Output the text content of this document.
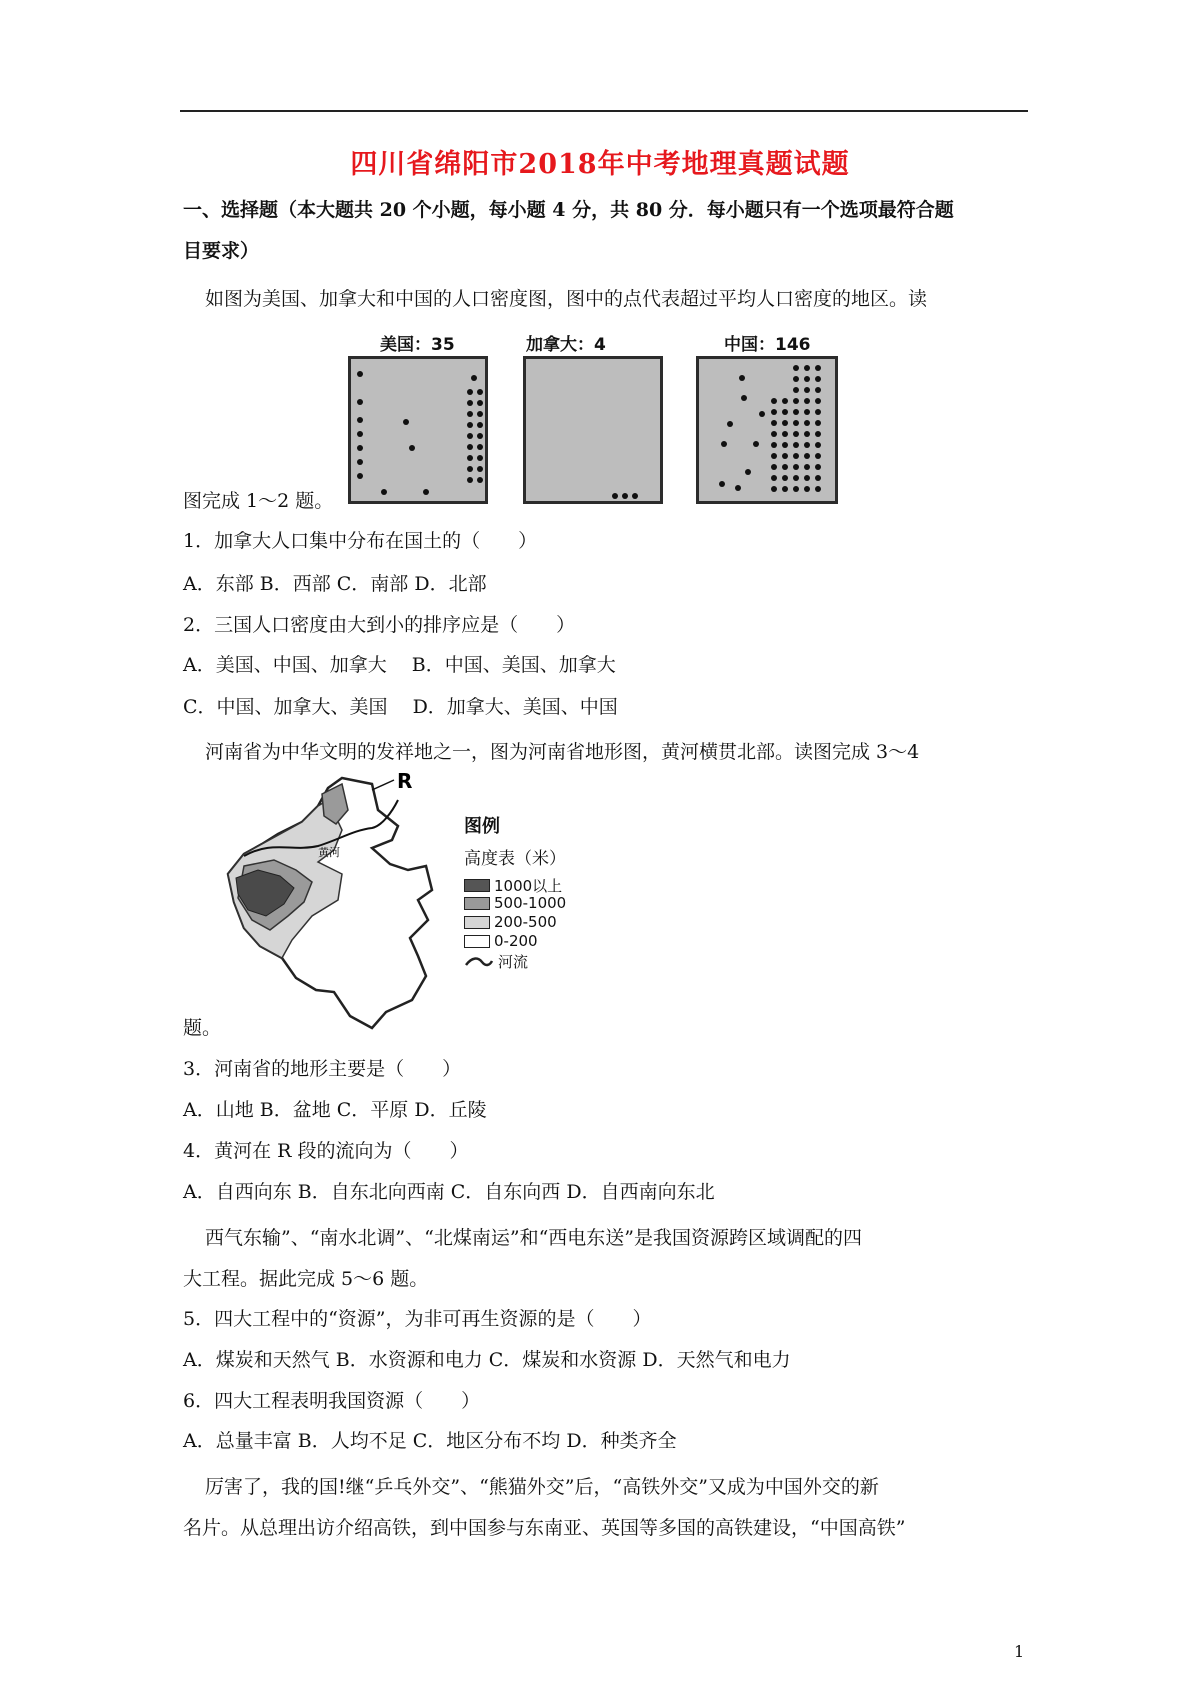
四川省绵阳市2018年中考地理真题试题
一、选择题（本大题共 20 个小题，每小题 4 分，共 80 分．每小题只有一个选项最符合题
目要求）
如图为美国、加拿大和中国的人口密度图，图中的点代表超过平均人口密度的地区。读
美国：35	加拿大：4	中国：146
图完成 1～2 题。
1．加拿大人口集中分布在国土的（　　）
A．东部 B．西部 C．南部 D．北部
2．三国人口密度由大到小的排序应是（　　）
A．美国、中国、加拿大　 B．中国、美国、加拿大
C．中国、加拿大、美国　 D．加拿大、美国、中国
河南省为中华文明的发祥地之一，图为河南省地形图，黄河横贯北部。读图完成 3～4
R
黄河
图例
高度表（米）
1000以上
500-1000
200-500
0-200
河流
题。
3．河南省的地形主要是（　　）
A．山地 B．盆地 C．平原 D．丘陵
4．黄河在 R 段的流向为（　　）
A．自西向东 B．自东北向西南 C．自东向西 D．自西南向东北
西气东输”、“南水北调”、“北煤南运”和“西电东送”是我国资源跨区域调配的四
大工程。据此完成 5～6 题。
5．四大工程中的“资源”，为非可再生资源的是（　　）
A．煤炭和天然气 B．水资源和电力 C．煤炭和水资源 D．天然气和电力
6．四大工程表明我国资源（　　）
A．总量丰富 B．人均不足 C．地区分布不均 D．种类齐全
厉害了，我的国!继“乒乓外交”、“熊猫外交”后，“高铁外交”又成为中国外交的新
名片。从总理出访介绍高铁，到中国参与东南亚、英国等多国的高铁建设，“中国高铁”
1
